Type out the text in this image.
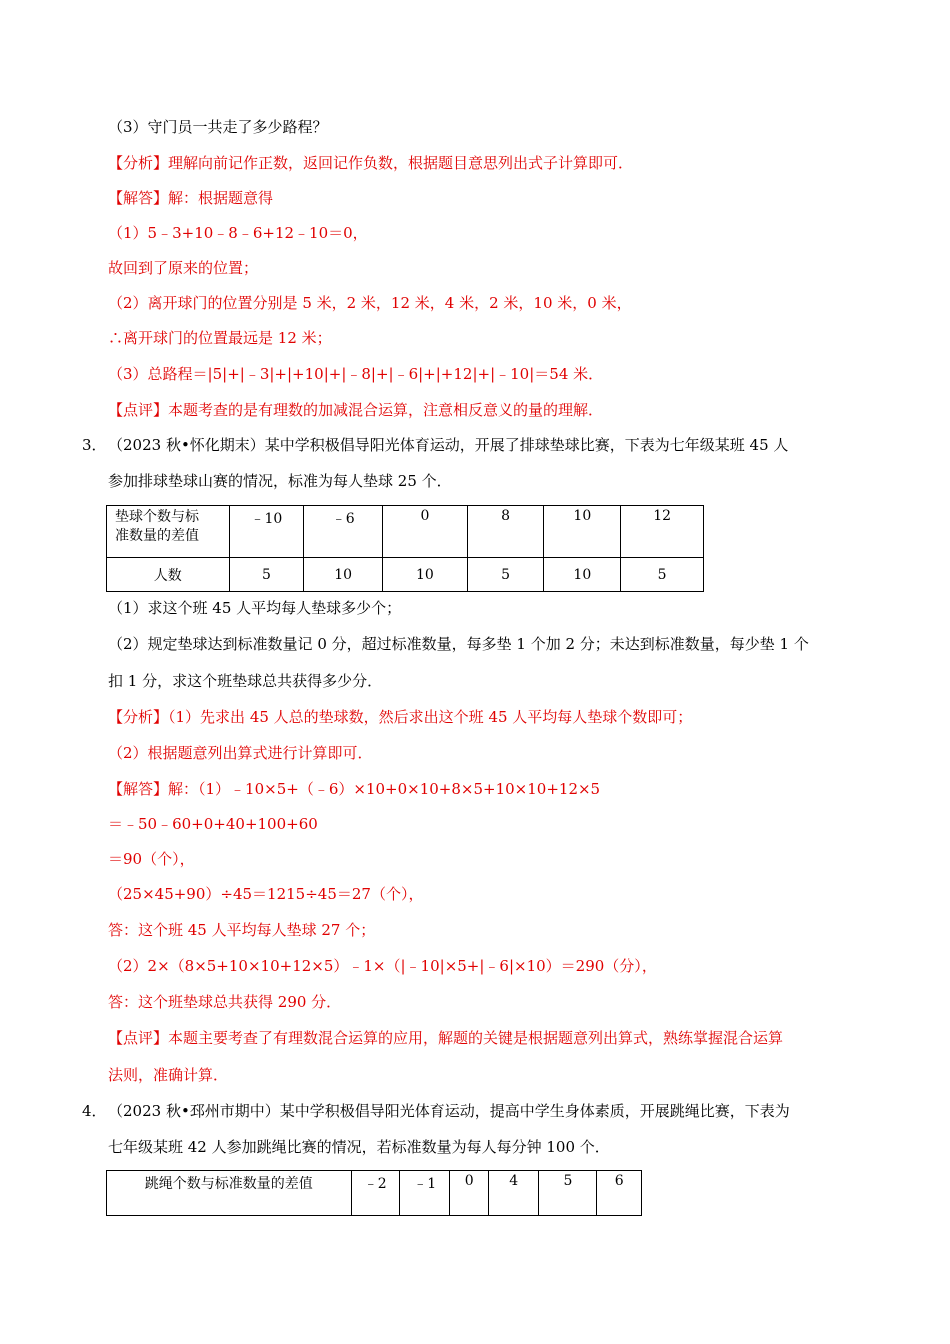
（3）守门员一共走了多少路程？
【分析】理解向前记作正数，返回记作负数，根据题目意思列出式子计算即可．
【解答】解：根据题意得
（1）5﹣3+10﹣8﹣6+12﹣10＝0，
故回到了原来的位置；
（2）离开球门的位置分别是 5 米，2 米，12 米，4 米，2 米，10 米，0 米，
∴离开球门的位置最远是 12 米；
（3）总路程＝|5|+|﹣3|+|+10|+|﹣8|+|﹣6|+|+12|+|﹣10|＝54 米．
【点评】本题考查的是有理数的加减混合运算，注意相反意义的量的理解．
3． （2023 秋•怀化期末）某中学积极倡导阳光体育运动，开展了排球垫球比赛，下表为七年级某班 45 人
参加排球垫球山赛的情况，标准为每人垫球 25 个．
垫球个数与标
准数量的差值	﹣10	﹣6	0	8	10	12
人数	5	10	10	5	10	5
（1）求这个班 45 人平均每人垫球多少个；
（2）规定垫球达到标准数量记 0 分，超过标准数量，每多垫 1 个加 2 分；未达到标准数量，每少垫 1 个
扣 1 分，求这个班垫球总共获得多少分．
【分析】（1）先求出 45 人总的垫球数，然后求出这个班 45 人平均每人垫球个数即可；
（2）根据题意列出算式进行计算即可．
【解答】解：（1）﹣10×5+（﹣6）×10+0×10+8×5+10×10+12×5
＝﹣50﹣60+0+40+100+60
＝90（个），
（25×45+90）÷45＝1215÷45＝27（个），
答：这个班 45 人平均每人垫球 27 个；
（2）2×（8×5+10×10+12×5）﹣1×（|﹣10|×5+|﹣6|×10）＝290（分），
答：这个班垫球总共获得 290 分．
【点评】本题主要考查了有理数混合运算的应用，解题的关键是根据题意列出算式，熟练掌握混合运算
法则，准确计算．
4． （2023 秋•邳州市期中）某中学积极倡导阳光体育运动，提高中学生身体素质，开展跳绳比赛，下表为
七年级某班 42 人参加跳绳比赛的情况，若标准数量为每人每分钟 100 个．
跳绳个数与标准数量的差值	﹣2	﹣1	0	4	5	6
